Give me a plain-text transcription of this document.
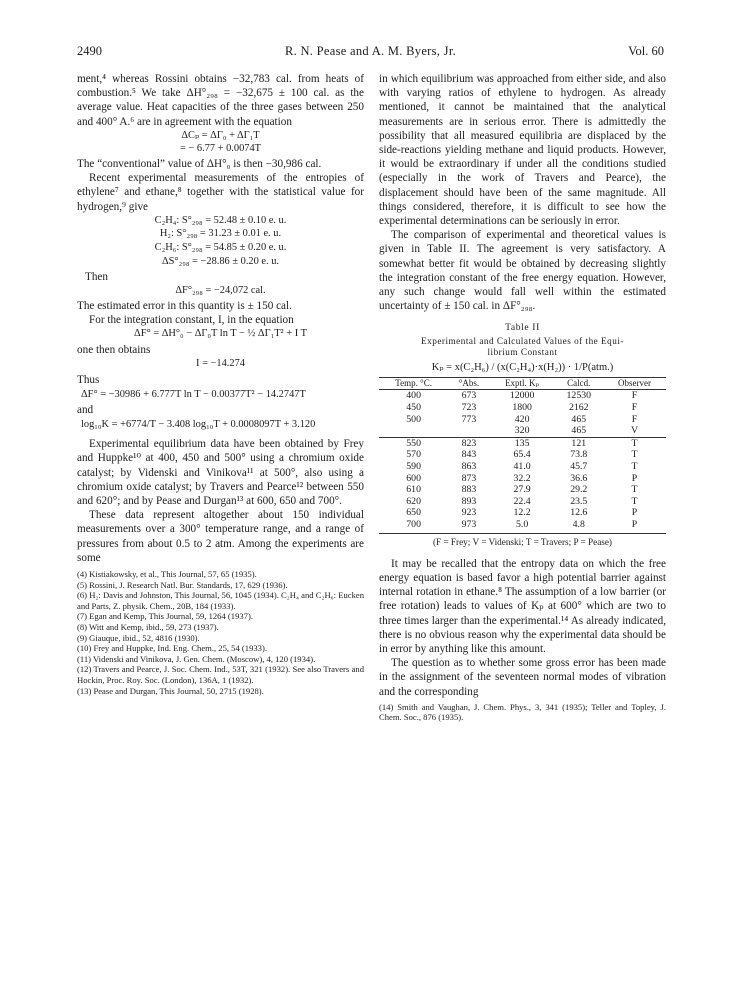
2490	R. N. Pease and A. M. Byers, Jr.	Vol. 60

ment,⁴ whereas Rossini obtains −32,783 cal. from heats of combustion.⁵ We take ΔH°₂₉₈ = −32,675 ± 100 cal. as the average value. Heat capacities of the three gases between 250 and 400° A.⁶ are in agreement with the equation

ΔCₚ = ΔΓ₀ + ΔΓ₁T
= − 6.77 + 0.0074T

The “conventional” value of ΔH°₀ is then −30,986 cal.

Recent experimental measurements of the entropies of ethylene⁷ and ethane,⁸ together with the statistical value for hydrogen,⁹ give

C₂H₄: S°₂₉₈ = 52.48 ± 0.10 e. u.
H₂: S°₂₉₈ = 31.23 ± 0.01 e. u.
C₂H₆: S°₂₉₈ = 54.85 ± 0.20 e. u.
ΔS°₂₉₈ = −28.86 ± 0.20 e. u.
Then
ΔF°₂₉₈ = −24,072 cal.

The estimated error in this quantity is ± 150 cal.

For the integration constant, I, in the equation

ΔF° = ΔH°₀ − ΔΓ₀T ln T − ½ ΔΓ₁T² + I T
one then obtains
I = −14.274
Thus
ΔF° = −30986 + 6.777T ln T − 0.00377T² − 14.2747T
and
log₁₀K = +6774/T − 3.408 log₁₀T + 0.0008097T + 3.120

Experimental equilibrium data have been obtained by Frey and Huppke¹⁰ at 400, 450 and 500° using a chromium oxide catalyst; by Videnski and Vinikova¹¹ at 500°, also using a chromium oxide catalyst; by Travers and Pearce¹² between 550 and 620°; and by Pease and Durgan¹³ at 600, 650 and 700°.

These data represent altogether about 150 individual measurements over a 300° temperature range, and a range of pressures from about 0.5 to 2 atm. Among the experiments are some

(4) Kistiakowsky, et al., This Journal, 57, 65 (1935).
(5) Rossini, J. Research Natl. Bur. Standards, 17, 629 (1936).
(6) H₂: Davis and Johnston, This Journal, 56, 1045 (1934). C₂H₄ and C₂H₆: Eucken and Parts, Z. physik. Chem., 20B, 184 (1933).
(7) Egan and Kemp, This Journal, 59, 1264 (1937).
(8) Witt and Kemp, ibid., 59, 273 (1937).
(9) Giauque, ibid., 52, 4816 (1930).
(10) Frey and Huppke, Ind. Eng. Chem., 25, 54 (1933).
(11) Videnski and Vinikova, J. Gen. Chem. (Moscow), 4, 120 (1934).
(12) Travers and Pearce, J. Soc. Chem. Ind., 53T, 321 (1932). See also Travers and Hockin, Proc. Roy. Soc. (London), 136A, 1 (1932).
(13) Pease and Durgan, This Journal, 50, 2715 (1928).

in which equilibrium was approached from either side, and also with varying ratios of ethylene to hydrogen. As already mentioned, it cannot be maintained that the analytical measurements are in serious error. There is admittedly the possibility that all measured equilibria are displaced by the side-reactions yielding methane and liquid products. However, it would be extraordinary if under all the conditions studied (especially in the work of Travers and Pearce), the displacement should have been of the same magnitude. All things considered, therefore, it is difficult to see how the experimental determinations can be seriously in error.

The comparison of experimental and theoretical values is given in Table II. The agreement is very satisfactory. A somewhat better fit would be obtained by decreasing slightly the integration constant of the free energy equation. However, any such change would fall well within the estimated uncertainty of ± 150 cal. in ΔF°₂₉₈.

Table II
Experimental and Calculated Values of the Equi-
librium Constant
Kₚ = x(C₂H₆) / (x(C₂H₄)·x(H₂)) · 1/P(atm.)
Temp. °C.	°Abs.	Exptl. Kₚ	Calcd.	Observer
400	673	12000	12530	F
450	723	1800	2162	F
500	773	420	465	F
		320	465	V
550	823	135	121	T
570	843	65.4	73.8	T
590	863	41.0	45.7	T
600	873	32.2	36.6	P
610	883	27.9	29.2	T
620	893	22.4	23.5	T
650	923	12.2	12.6	P
700	973	5.0	4.8	P
(F = Frey; V = Videnski; T = Travers; P = Pease)

It may be recalled that the entropy data on which the free energy equation is based favor a high potential barrier against internal rotation in ethane.⁸ The assumption of a low barrier (or free rotation) leads to values of Kₚ at 600° which are two to three times larger than the experimental.¹⁴ As already indicated, there is no obvious reason why the experimental data should be in error by anything like this amount.

The question as to whether some gross error has been made in the assignment of the seventeen normal modes of vibration and the corresponding

(14) Smith and Vaughan, J. Chem. Phys., 3, 341 (1935); Teller and Topley, J. Chem. Soc., 876 (1935).
